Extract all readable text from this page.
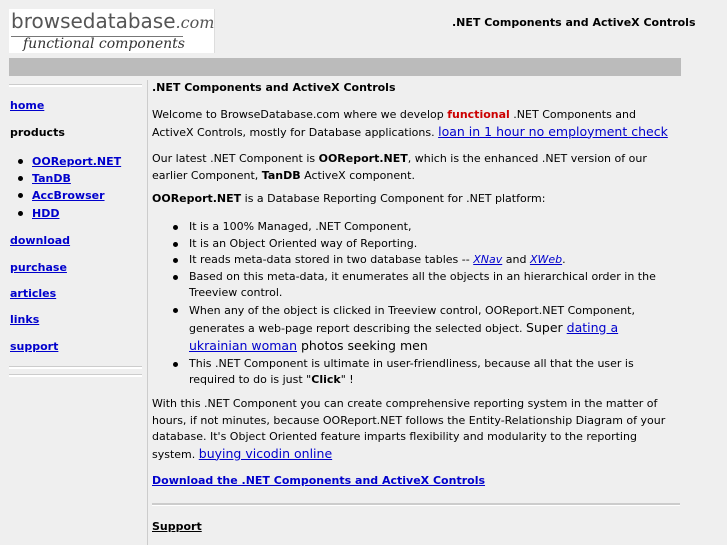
browsedatabase.com
functional components
.NET Components and ActiveX Controls
home
products
OOReport.NET
TanDB
AccBrowser
HDD
download
purchase
articles
links
support

.NET Components and ActiveX Controls

Welcome to BrowseDatabase.com where we develop functional .NET Components and ActiveX Controls, mostly for Database applications. loan in 1 hour no employment check

Our latest .NET Component is OOReport.NET, which is the enhanced .NET version of our earlier Component, TanDB ActiveX component.

OOReport.NET is a Database Reporting Component for .NET platform:

It is a 100% Managed, .NET Component,
It is an Object Oriented way of Reporting.
It reads meta-data stored in two database tables -- XNav and XWeb.
Based on this meta-data, it enumerates all the objects in an hierarchical order in the Treeview control.
When any of the object is clicked in Treeview control, OOReport.NET Component, generates a web-page report describing the selected object. Super dating a ukrainian woman photos seeking men
This .NET Component is ultimate in user-friendliness, because all that the user is required to do is just "Click" !

With this .NET Component you can create comprehensive reporting system in the matter of hours, if not minutes, because OOReport.NET follows the Entity-Relationship Diagram of your database. It's Object Oriented feature imparts flexibility and modularity to the reporting system. buying vicodin online

Download the .NET Components and ActiveX Controls

Support
